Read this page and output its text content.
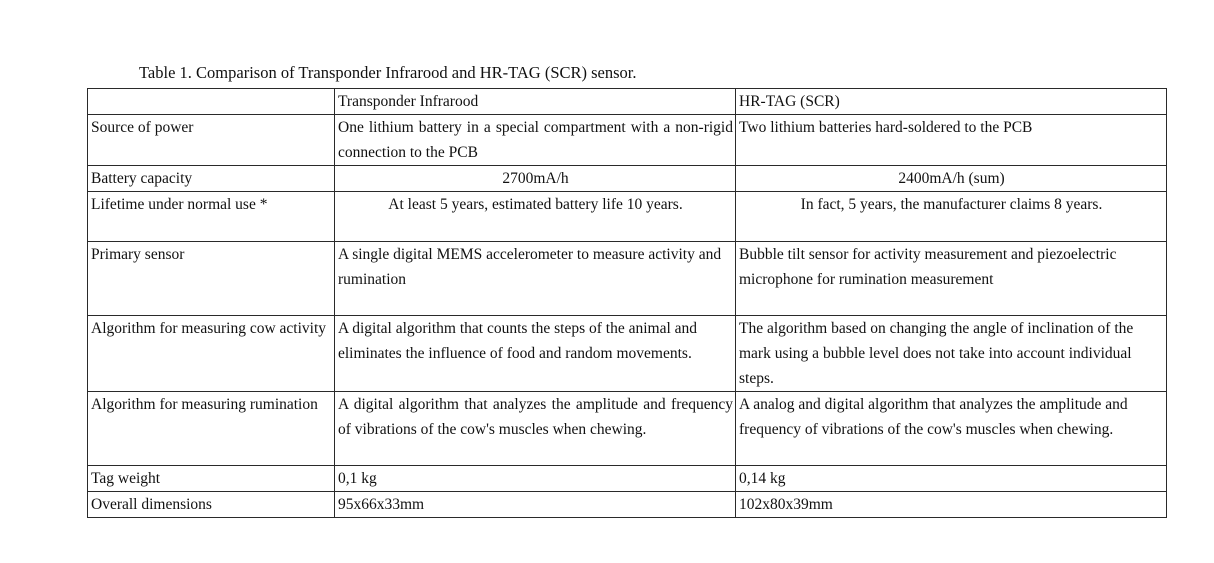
Table 1. Comparison of Transponder Infrarood and HR-TAG (SCR) sensor.
	Transponder Infrarood	HR-TAG (SCR)
Source of power	One lithium battery in a special compartment with a non-rigid connection to the PCB	Two lithium batteries hard-soldered to the PCB
Battery capacity	2700mA/h	2400mA/h (sum)
Lifetime under normal use *	At least 5 years, estimated battery life 10 years.	In fact, 5 years, the manufacturer claims 8 years.
Primary sensor	A single digital MEMS accelerometer to measure activity and rumination	Bubble tilt sensor for activity measurement and piezoelectric microphone for rumination measurement
Algorithm for measuring cow activity	A digital algorithm that counts the steps of the animal and eliminates the influence of food and random movements.	The algorithm based on changing the angle of inclination of the mark using a bubble level does not take into account individual steps.
Algorithm for measuring rumination	A digital algorithm that analyzes the amplitude and frequency of vibrations of the cow's muscles when chewing.	A analog and digital algorithm that analyzes the amplitude and frequency of vibrations of the cow's muscles when chewing.
Tag weight	0,1 kg	0,14 kg
Overall dimensions	95x66x33mm	102x80x39mm
